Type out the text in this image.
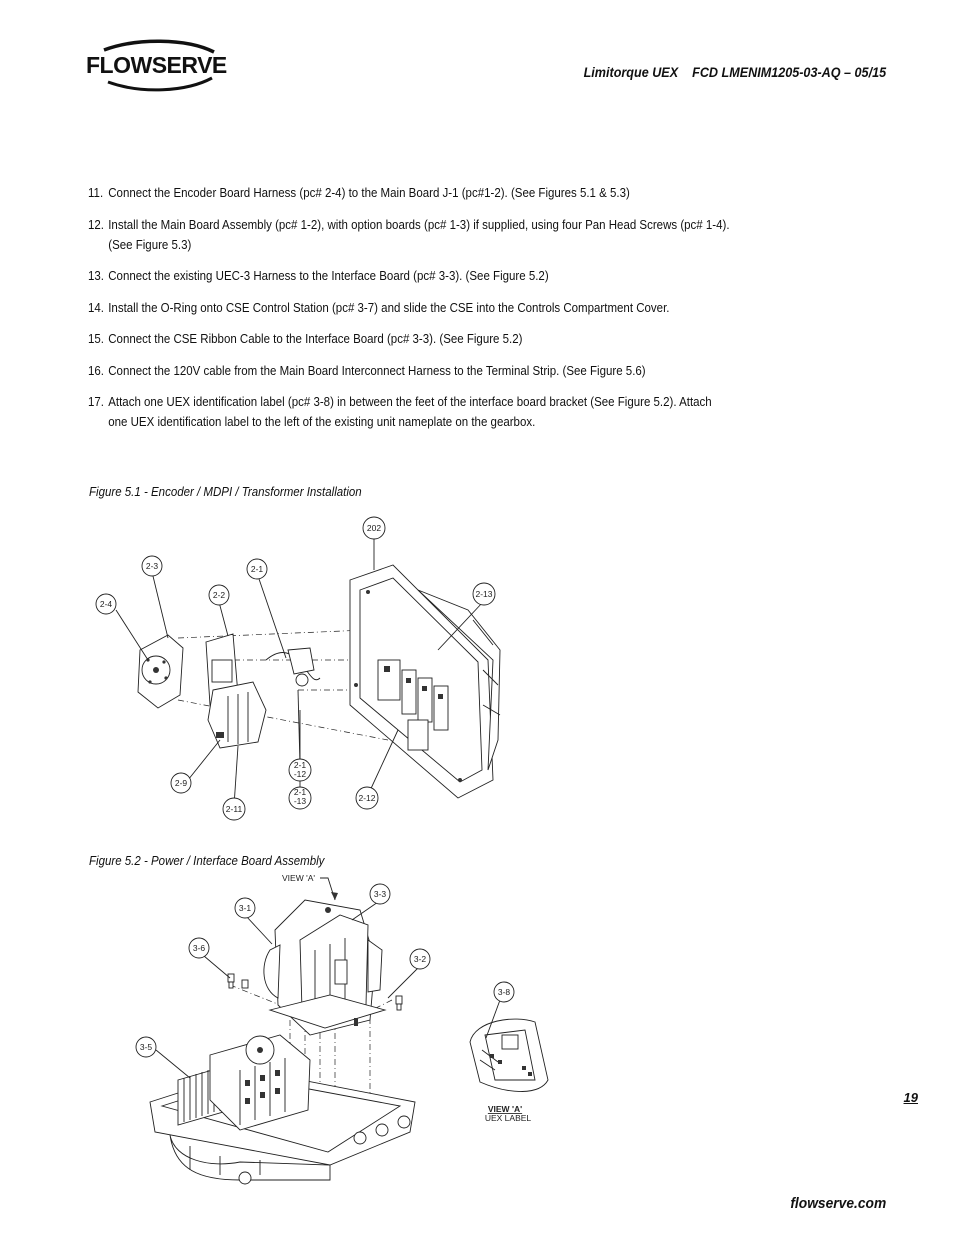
FLOWSERVE	Limitorque UEX    FCD LMENIM1205-03-AQ – 05/15
11. Connect the Encoder Board Harness (pc# 2-4) to the Main Board J-1 (pc#1-2). (See Figures 5.1 & 5.3)
12. Install the Main Board Assembly (pc# 1-2), with option boards (pc# 1-3) if supplied, using four Pan Head Screws (pc# 1-4). (See Figure 5.3)
13. Connect the existing UEC-3 Harness to the Interface Board (pc# 3-3). (See Figure 5.2)
14. Install the O-Ring onto CSE Control Station (pc# 3-7) and slide the CSE into the Controls Compartment Cover.
15. Connect the CSE Ribbon Cable to the Interface Board (pc# 3-3). (See Figure 5.2)
16. Connect the 120V cable from the Main Board Interconnect Harness to the Terminal Strip. (See Figure 5.6)
17. Attach one UEX identification label (pc# 3-8) in between the feet of the interface board bracket (See Figure 5.2). Attach one UEX identification label to the left of the existing unit nameplate on the gearbox.
Figure 5.1 - Encoder / MDPI / Transformer Installation
202
2-3	2-1
2-2
2-4
2-13
2-1
-12
2-1
-13
2-9
2-11
2-12
Figure 5.2 - Power / Interface Board Assembly
VIEW 'A'
VIEW 'A'
UEX LABEL
3-1
3-3
3-6
3-2
3-8
3-5
19
flowserve.com
